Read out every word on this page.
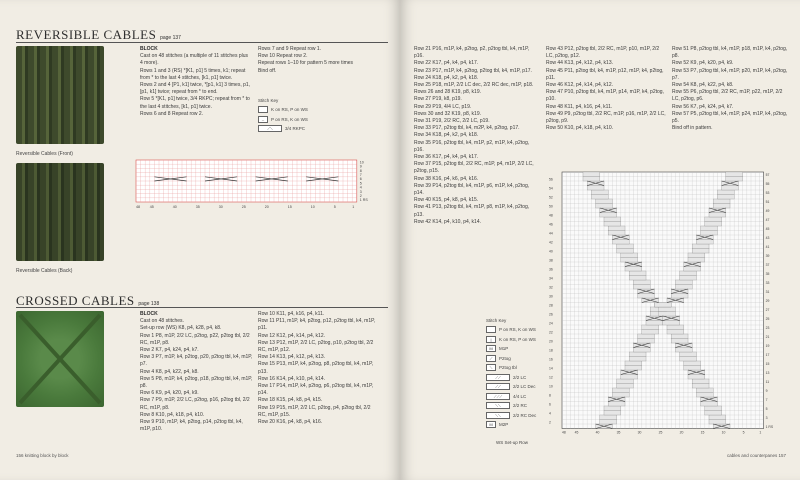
REVERSIBLE CABLES page 137
Reversible Cables (Front)
Reversible Cables (Back)

BLOCK

Cast on 48 stitches (a multiple of 11 stitches plus 4 more).

Rows 1 and 3 (RS) *[K1, p1] 5 times, k1; repeat from * to the last 4 stitches, [k1, p1] twice.

Rows 2 and 4 [P1, k1] twice, *[p1, k1] 3 times, p1, [p1, k1] twice; repeat from * to end.

Row 5 *[K1, p1] twice, 3/4 RKPC; repeat from * to the last 4 stitches, [k1, p1] twice.

Rows 6 and 8 Repeat row 2.

Rows 7 and 9 Repeat row 1.

Row 10 Repeat row 2.

Repeat rows 1–10 for pattern 5 more times

Bind off.

Stitch Key
K on RS, P on WS
–	P on RS, K on WS
⟋⟍	3/4 RKPC
10
9
8
7
6
5
4
3
2
1 RS
48	45	40	35	30	25	20	15	10	5	1
CROSSED CABLES page 138

BLOCK

Cast on 48 stitches.

Set-up row (WS) K8, p4, k28, p4, k8.

Row 1 P8, m1P, 2/2 LC, p2tog, p22, p2tog tbl, 2/2 RC, m1P, p8.

Row 2 K7, p4, k24, p4, k7.

Row 3 P7, m1P, k4, p2tog, p20, p2tog tbl, k4, m1P, p7.

Row 4 K8, p4, k22, p4, k8.

Row 5 P8, m1P, k4, p2tog, p18, p2tog tbl, k4, m1P, p8.

Row 6 K9, p4, k20, p4, k9.

Row 7 P9, m1P, 2/2 LC, p2tog, p16, p2tog tbl, 2/2 RC, m1P, p8.

Row 8 K10, p4, k18, p4, k10.

Row 9 P10, m1P, k4, p2tog, p14, p2tog tbl, k4, m1P, p10.

Row 10 K11, p4, k16, p4, k11.

Row 11 P11, m1P, k4, p2tog, p12, p2tog tbl, k4, m1P, p11.

Row 12 K12, p4, k14, p4, k12.

Row 13 P12, m1P, 2/2 LC, p2tog, p10, p2tog tbl, 2/2 RC, m1P, p12.

Row 14 K13, p4, k12, p4, k13.

Row 15 P13, m1P, k4, p2tog, p8, p2tog tbl, k4, m1P, p13.

Row 16 K14, p4, k10, p4, k14.

Row 17 P14, m1P, k4, p2tog, p6, p2tog tbl, k4, m1P, p14.

Row 18 K15, p4, k8, p4, k15.

Row 19 P15, m1P, 2/2 LC, p2tog, p4, p2tog tbl, 2/2 RC, m1P, p15.

Row 20 K16, p4, k8, p4, k16.

156 knitting block by block

Row 21 P16, m1P, k4, p2tog, p2, p2tog tbl, k4, m1P, p16.

Row 22 K17, p4, k4, p4, k17.

Row 23 P17, m1P, k4, p2tog, p2tog tbl, k4, m1P, p17.

Row 24 K18, p4, k2, p4, k18.

Row 25 P18, m1P, 2/2 LC dec, 2/2 RC dec, m1P, p18.

Rows 26 and 28 K19, p8, k19.

Row 27 P19, k8, p19.

Row 29 P19, 4/4 LC, p19.

Rows 30 and 32 K19, p8, k19.

Row 31 P19, 2/2 RC, 2/2 LC, p19.

Row 33 P17, p2tog tbl, k4, m2P, k4, p2tog, p17.

Row 34 K18, p4, k2, p4, k18.

Row 35 P16, p2tog tbl, k4, m1P, p2, m1P, k4, p2tog, p16.

Row 36 K17, p4, k4, p4, k17.

Row 37 P15, p2tog tbl, 2/2 RC, m1P, p4, m1P, 2/2 LC, p2tog, p15.

Row 38 K16, p4, k6, p4, k16.

Row 39 P14, p2tog tbl, k4, m1P, p6, m1P, k4, p2tog, p14.

Row 40 K15, p4, k8, p4, k15.

Row 41 P13, p2tog tbl, k4, m1P, p8, m1P, k4, p2tog, p13.

Row 42 K14, p4, k10, p4, k14.

Row 43 P12, p2tog tbl, 2/2 RC, m1P, p10, m1P, 2/2 LC, p2tog, p12.

Row 44 K13, p4, k12, p4, k13.

Row 45 P11, p2tog tbl, k4, m1P, p12, m1P, k4, p2tog, p11.

Row 46 K12, p4, k14, p4, k12.

Row 47 P10, p2tog tbl, k4, m1P, p14, m1P, k4, p2tog, p10.

Row 48 K11, p4, k16, p4, k11.

Row 49 P9, p2tog tbl, 2/2 RC, m1P, p16, m1P, 2/2 LC, p2tog, p9.

Row 50 K10, p4, k18, p4, k10.

Row 51 P8, p2tog tbl, k4, m1P, p18, m1P, k4, p2tog, p8.

Row 52 K9, p4, k20, p4, k9.

Row 53 P7, p2tog tbl, k4, m1P, p20, m1P, k4, p2tog, p7.

Row 54 K8, p4, k22, p4, k8.

Row 55 P6, p2tog tbl, 2/2 RC, m1P, p22, m1P, 2/2 LC, p2tog, p6.

Row 56 K7, p4, k24, p4, k7.

Row 57 P5, p2tog tbl, k4, m1P, p24, m1P, k4, p2tog, p5.

Bind off in pattern.

Stitch Key
P on RS, K on WS
|	K on RS, P on WS
M	M1P
⟋	P2tog
⟍	P2tog tbl
⟋⟋	2/2 LC
⟋⟋	2/2 LC Dec
⟋⟋⟋	4/4 LC
⟍⟍	2/2 RC
⟍⟍	2/2 RC Dec
M	M2P
WS Set-up Row
56
54
52
50
48
46
44
42
40
38
36
34
32
30
28
26
24
22
20
18
16
14
12
10
8
6
4
2
57
55
53
51
49
47
45
43
41
39
37
35
33
31
29
27
25
23
21
19
17
15
13
11
9
7
5
3
1 RS
48	45	40	35	30	25	20	15	10	5	1
cables and counterpanes 157
